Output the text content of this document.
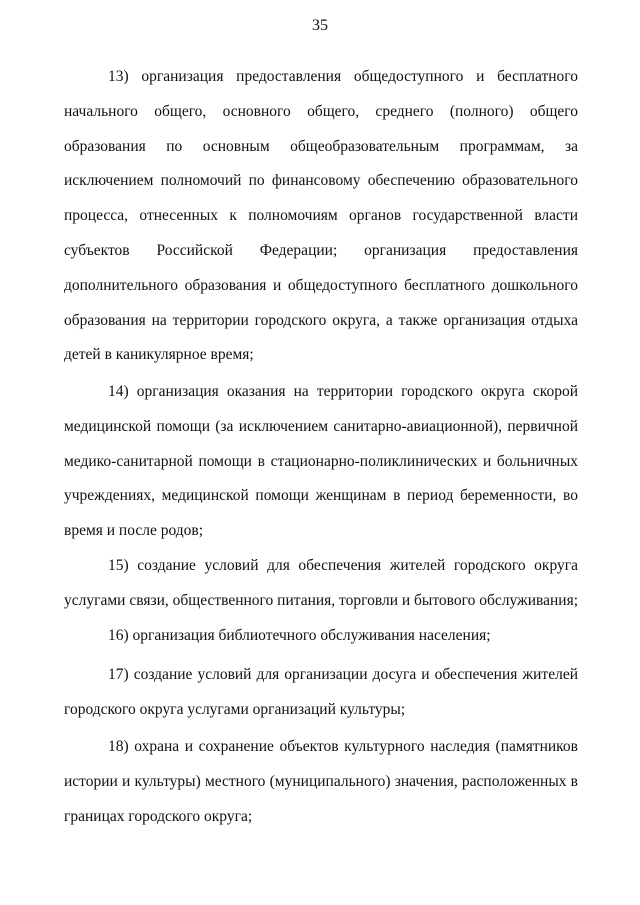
35
13) организация предоставления общедоступного и бесплатного
начального общего, основного общего, среднего (полного) общего
образования по основным общеобразовательным программам, за
исключением полномочий по финансовому обеспечению образовательного
процесса, отнесенных к полномочиям органов государственной власти
субъектов Российской Федерации; организация предоставления
дополнительного образования и общедоступного бесплатного дошкольного
образования на территории городского округа, а также организация отдыха
детей в каникулярное время;
14) организация оказания на территории городского округа скорой
медицинской помощи (за исключением санитарно-авиационной), первичной
медико-санитарной помощи в стационарно-поликлинических и больничных
учреждениях, медицинской помощи женщинам в период беременности, во
время и после родов;
15) создание условий для обеспечения жителей городского округа
услугами связи, общественного питания, торговли и бытового обслуживания;
16) организация библиотечного обслуживания населения;
17) создание условий для организации досуга и обеспечения жителей
городского округа услугами организаций культуры;
18) охрана и сохранение объектов культурного наследия (памятников
истории и культуры) местного (муниципального) значения, расположенных в
границах городского округа;
